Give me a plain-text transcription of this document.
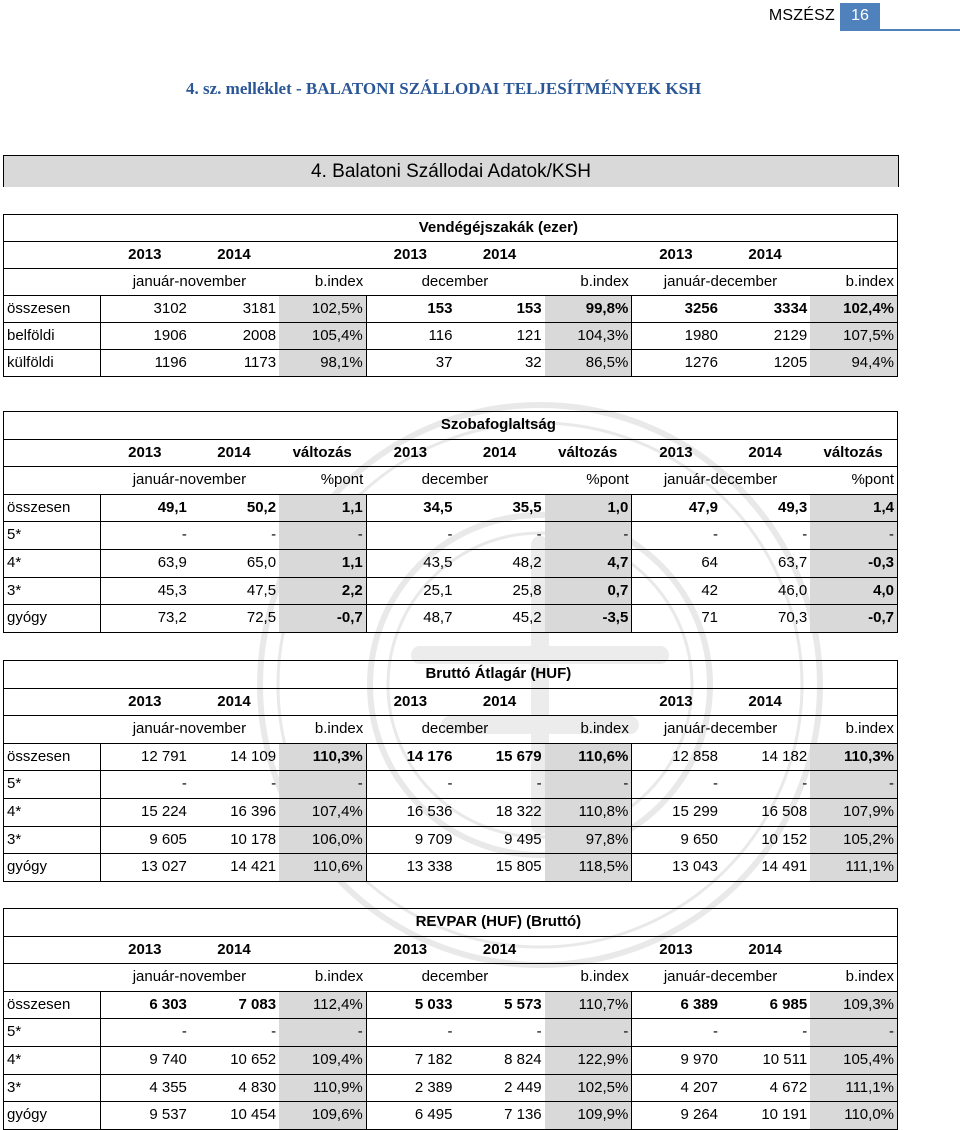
MSZÉSZ	16
4. sz. melléklet - BALATONI SZÁLLODAI TELJESÍTMÉNYEK KSH
4. Balatoni Szállodai Adatok/KSH
	Vendégéjszakák (ezer)								
	2013	2014		2013	2014		2013	2014	
	január-november		b.index	december		b.index	január-december		b.index
összesen	3102	3181	102,5%	153	153	99,8%	3256	3334	102,4%
belföldi	1906	2008	105,4%	116	121	104,3%	1980	2129	107,5%
külföldi	1196	1173	98,1%	37	32	86,5%	1276	1205	94,4%
	Szobafoglaltság								
	2013	2014	változás	2013	2014	változás	2013	2014	változás
	január-november		%pont	december		%pont	január-december		%pont
összesen	49,1	50,2	1,1	34,5	35,5	1,0	47,9	49,3	1,4
5*	-	-	-	-	-	-	-	-	-
4*	63,9	65,0	1,1	43,5	48,2	4,7	64	63,7	-0,3
3*	45,3	47,5	2,2	25,1	25,8	0,7	42	46,0	4,0
gyógy	73,2	72,5	-0,7	48,7	45,2	-3,5	71	70,3	-0,7
	Bruttó Átlagár (HUF)								
	2013	2014		2013	2014		2013	2014	
	január-november		b.index	december		b.index	január-december		b.index
összesen	12 791	14 109	110,3%	14 176	15 679	110,6%	12 858	14 182	110,3%
5*	-	-	-	-	-	-	-	-	-
4*	15 224	16 396	107,4%	16 536	18 322	110,8%	15 299	16 508	107,9%
3*	9 605	10 178	106,0%	9 709	9 495	97,8%	9 650	10 152	105,2%
gyógy	13 027	14 421	110,6%	13 338	15 805	118,5%	13 043	14 491	111,1%
	REVPAR (HUF) (Bruttó)								
	2013	2014		2013	2014		2013	2014	
	január-november		b.index	december		b.index	január-december		b.index
összesen	6 303	7 083	112,4%	5 033	5 573	110,7%	6 389	6 985	109,3%
5*	-	-	-	-	-	-	-	-	-
4*	9 740	10 652	109,4%	7 182	8 824	122,9%	9 970	10 511	105,4%
3*	4 355	4 830	110,9%	2 389	2 449	102,5%	4 207	4 672	111,1%
gyógy	9 537	10 454	109,6%	6 495	7 136	109,9%	9 264	10 191	110,0%
